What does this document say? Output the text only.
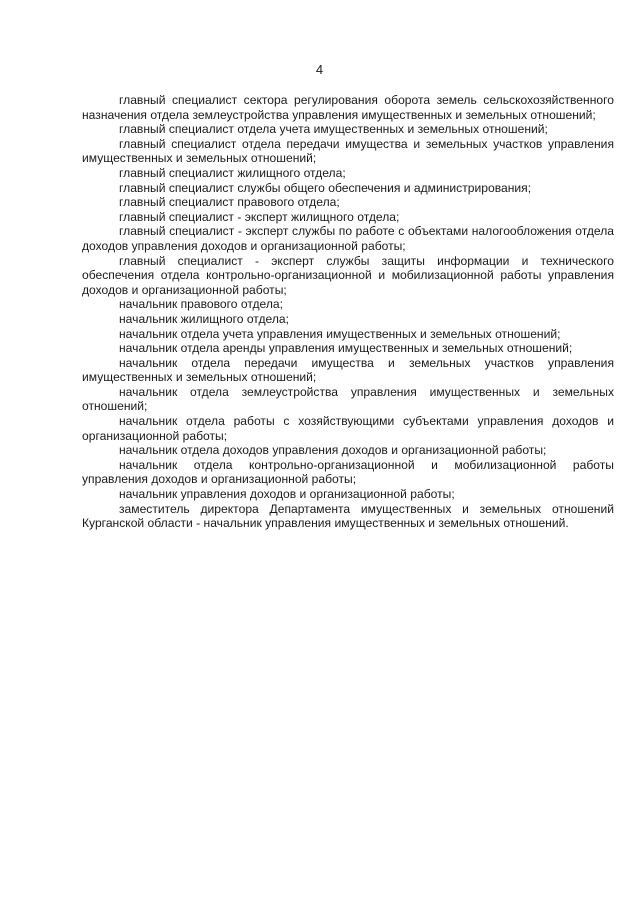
4

главный специалист сектора регулирования оборота земель сельскохозяйственного назначения отдела землеустройства управления имущественных и земельных отношений;

главный специалист отдела учета имущественных и земельных отношений;

главный специалист отдела передачи имущества и земельных участков управления имущественных и земельных отношений;

главный специалист жилищного отдела;

главный специалист службы общего обеспечения и администрирования;

главный специалист правового отдела;

главный специалист - эксперт жилищного отдела;

главный специалист - эксперт службы по работе с объектами налогообложения отдела доходов управления доходов и организационной работы;

главный специалист - эксперт службы защиты информации и технического обеспечения отдела контрольно-организационной и мобилизационной работы управления доходов и организационной работы;

начальник правового отдела;

начальник жилищного отдела;

начальник отдела учета управления имущественных и земельных отношений;

начальник отдела аренды управления имущественных и земельных отношений;

начальник отдела передачи имущества и земельных участков управления имущественных и земельных отношений;

начальник отдела землеустройства управления имущественных и земельных отношений;

начальник отдела работы с хозяйствующими субъектами управления доходов и организационной работы;

начальник отдела доходов управления доходов и организационной работы;

начальник отдела контрольно-организационной и мобилизационной работы управления доходов и организационной работы;

начальник управления доходов и организационной работы;

заместитель директора Департамента имущественных и земельных отношений Курганской области - начальник управления имущественных и земельных отношений.
